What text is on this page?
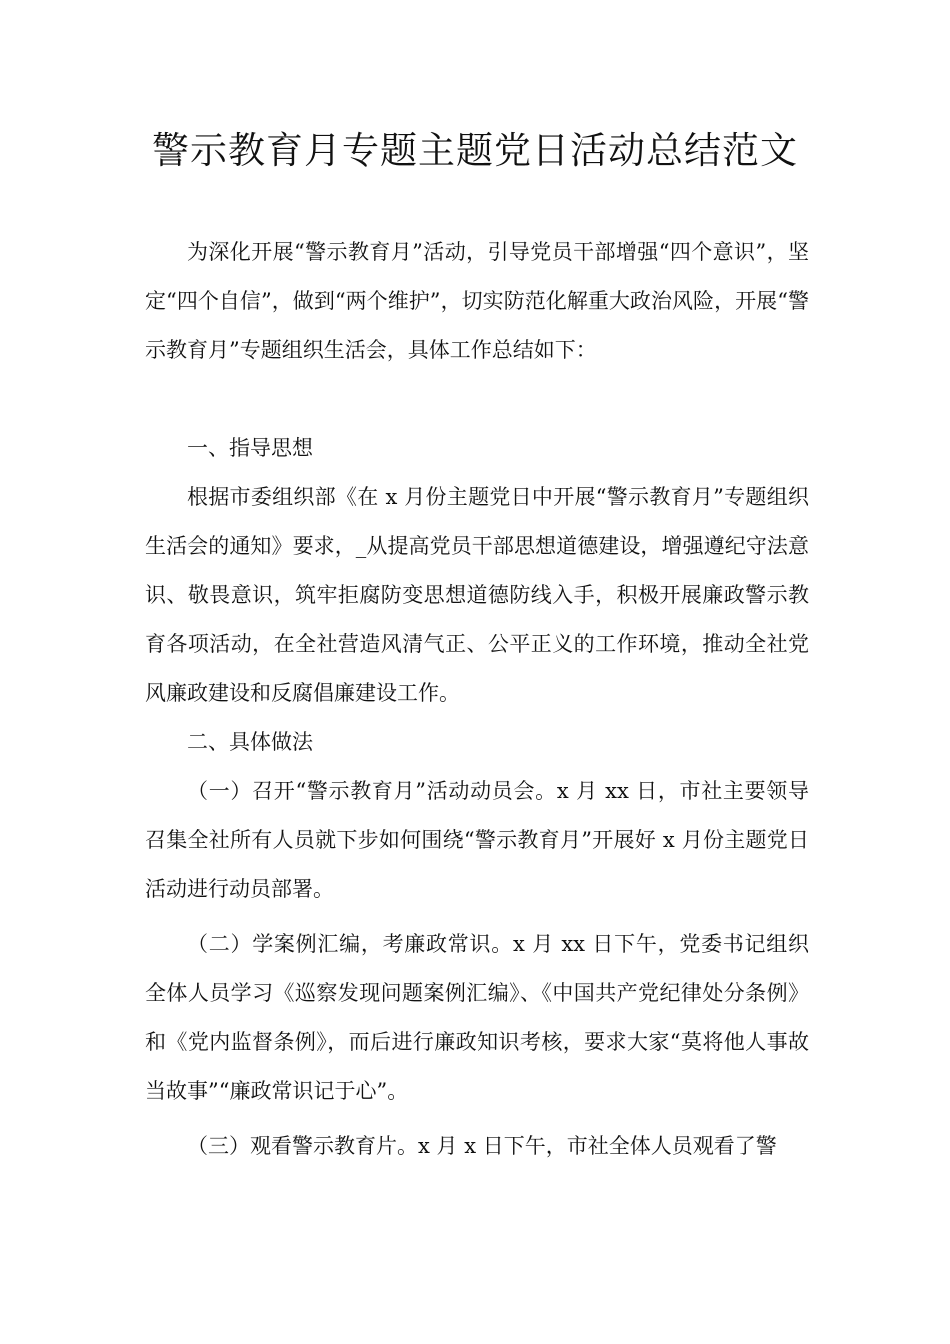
警示教育月专题主题党日活动总结范文

为深化开展“警示教育月”活动，引导党员干部增强“四个意识”，坚定“四个自信”，做到“两个维护”，切实防范化解重大政治风险，开展“警示教育月”专题组织生活会，具体工作总结如下：

一、指导思想

根据市委组织部《在 x 月份主题党日中开展“警示教育月”专题组织生活会的通知》要求，_从提高党员干部思想道德建设，增强遵纪守法意识、敬畏意识，筑牢拒腐防变思想道德防线入手，积极开展廉政警示教育各项活动，在全社营造风清气正、公平正义的工作环境，推动全社党风廉政建设和反腐倡廉建设工作。

二、具体做法

（一）召开“警示教育月”活动动员会。x 月 xx 日，市社主要领导召集全社所有人员就下步如何围绕“警示教育月”开展好 x 月份主题党日活动进行动员部署。

（二）学案例汇编，考廉政常识。x 月 xx 日下午，党委书记组织全体人员学习《巡察发现问题案例汇编》、《中国共产党纪律处分条例》和《党内监督条例》，而后进行廉政知识考核，要求大家“莫将他人事故当故事”“廉政常识记于心”。

（三）观看警示教育片。x 月 x 日下午，市社全体人员观看了警
